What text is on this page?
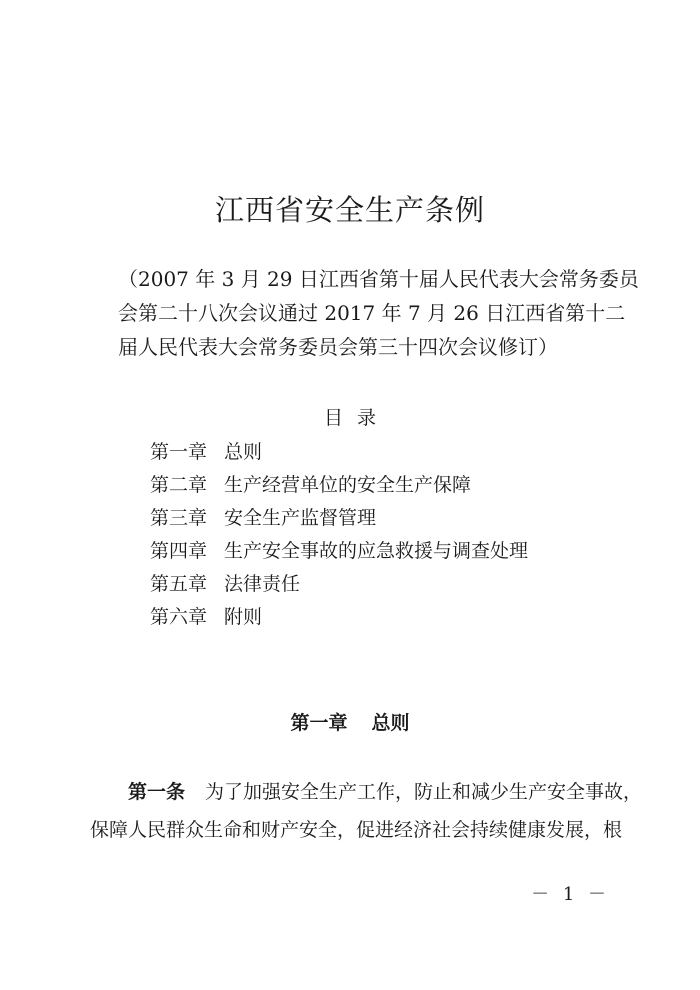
江西省安全生产条例
（2007 年 3 月 29 日江西省第十届人民代表大会常务委员
会第二十八次会议通过 2017 年 7 月 26 日江西省第十二
届人民代表大会常务委员会第三十四次会议修订）
目录
第一章 总则
第二章 生产经营单位的安全生产保障
第三章 安全生产监督管理
第四章 生产安全事故的应急救援与调查处理
第五章 法律责任
第六章 附则
第一章 总则
第一条 为了加强安全生产工作，防止和减少生产安全事故，
保障人民群众生命和财产安全，促进经济社会持续健康发展，根
－ 1 －
